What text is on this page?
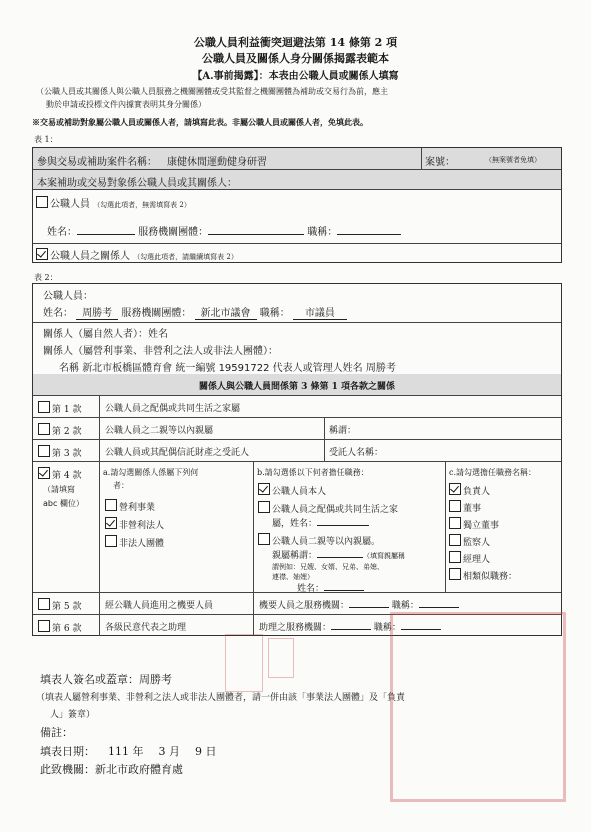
公職人員利益衝突迴避法第 14 條第 2 項
公職人員及關係人身分關係揭露表範本
【A.事前揭露】：本表由公職人員或關係人填寫
（公職人員或其關係人與公職人員服務之機關團體或受其監督之機關團體為補助或交易行為前，應主
動於申請或投標文件內據實表明其身分關係）
※交易或補助對象屬公職人員或關係人者，請填寫此表。非屬公職人員或關係人者，免填此表。
表 1：
參與交易或補助案件名稱： 康健休閒運動健身研習	案號：	（無案號者免填）
本案補助或交易對象係公職人員或其關係人：
公職人員 （勾選此項者，無需填寫表 2）
姓名：	服務機關團體：	職稱：
公職人員之關係人 （勾選此項者，請繼續填寫表 2）
表 2：
公職人員：
姓名： 周勝考 服務機關團體： 新北市議會 職稱： 市議員
關係人（屬自然人者）：姓名
關係人（屬營利事業、非營利之法人或非法人團體）：
名稱 新北市板橋區體育會 統一編號 19591722 代表人或管理人姓名 周勝考
關係人與公職人員間係第 3 條第 1 項各款之關係
第 1 款	公職人員之配偶或共同生活之家屬
第 2 款	公職人員之二親等以內親屬	稱謂：
第 3 款	公職人員或其配偶信託財產之受託人	受託人名稱：
第 4 款
（請填寫
abc 欄位）
a.請勾選關係人係屬下列何
者：
營利事業
非營利法人
非法人團體
b.請勾選係以下何者擔任職務：
公職人員本人
公職人員之配偶或共同生活之家
屬，姓名：
公職人員二親等以內親屬。
親屬稱謂：	（填寫親屬稱
謂例如：兄嫂、女婿、兄弟、弟媳、
連襟、妯娌）
姓名：
c.請勾選擔任職務名稱：
負責人
董事
獨立董事
監察人
經理人
相類似職務：
第 5 款	經公職人員進用之機要人員	機要人員之服務機關：	職稱：
第 6 款	各級民意代表之助理	助理之服務機關：	職稱：
填表人簽名或蓋章：周勝考
（填表人屬營利事業、非營利之法人或非法人團體者，請一併由該「事業法人團體」及「負責
人」簽章）
備註：
填表日期： 111 年 3 月 9 日
此致機關：新北市政府體育處
